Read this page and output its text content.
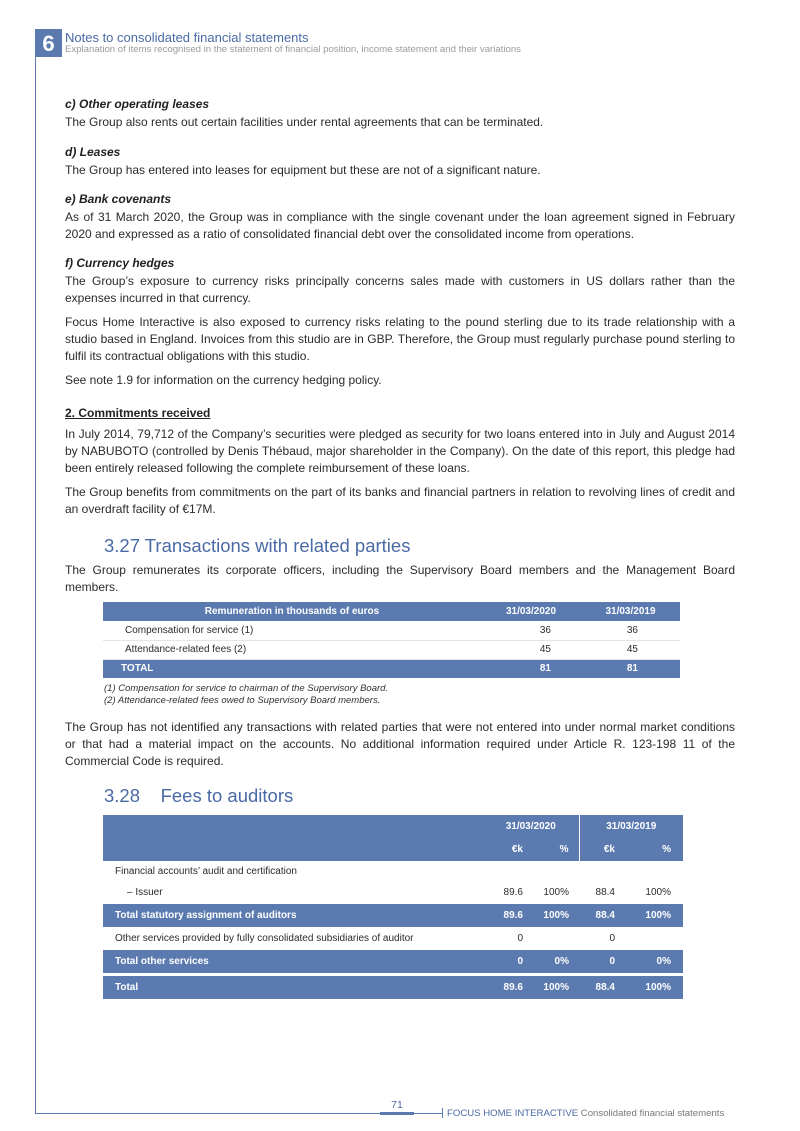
6 Notes to consolidated financial statements
Explanation of items recognised in the statement of financial position, income statement and their variations
c) Other operating leases

The Group also rents out certain facilities under rental agreements that can be terminated.

d) Leases

The Group has entered into leases for equipment but these are not of a significant nature.

e) Bank covenants

As of 31 March 2020, the Group was in compliance with the single covenant under the loan agreement signed in February 2020 and expressed as a ratio of consolidated financial debt over the consolidated income from operations.

f) Currency hedges

The Group’s exposure to currency risks principally concerns sales made with customers in US dollars rather than the expenses incurred in that currency.

Focus Home Interactive is also exposed to currency risks relating to the pound sterling due to its trade relationship with a studio based in England. Invoices from this studio are in GBP. Therefore, the Group must regularly purchase pound sterling to fulfil its contractual obligations with this studio.

See note 1.9 for information on the currency hedging policy.

2. Commitments received

In July 2014, 79,712 of the Company’s securities were pledged as security for two loans entered into in July and August 2014 by NABUBOTO (controlled by Denis Thébaud, major shareholder in the Company). On the date of this report, this pledge had been entirely released following the complete reimbursement of these loans.

The Group benefits from commitments on the part of its banks and financial partners in relation to revolving lines of credit and an overdraft facility of €17M.

3.27 Transactions with related parties

The Group remunerates its corporate officers, including the Supervisory Board members and the Management Board members.

Remuneration in thousands of euros	31/03/2020	31/03/2019
Compensation for service (1)	36	36
Attendance-related fees (2)	45	45
TOTAL	81	81
(1) Compensation for service to chairman of the Supervisory Board.
(2) Attendance-related fees owed to Supervisory Board members.

The Group has not identified any transactions with related parties that were not entered into under normal market conditions or that had a material impact on the accounts. No additional information required under Article R. 123-198 11 of the Commercial Code is required.

3.28 Fees to auditors
	31/03/2020		31/03/2019	
	€k	%	€k	%
Financial accounts’ audit and certification				
– Issuer	89.6	100%	88.4	100%
Total statutory assignment of auditors	89.6	100%	88.4	100%
Other services provided by fully consolidated subsidiaries of auditor	0		0	
Total other services	0	0%	0	0%

Total	89.6	100%	88.4	100%
71
FOCUS HOME INTERACTIVE Consolidated financial statements
